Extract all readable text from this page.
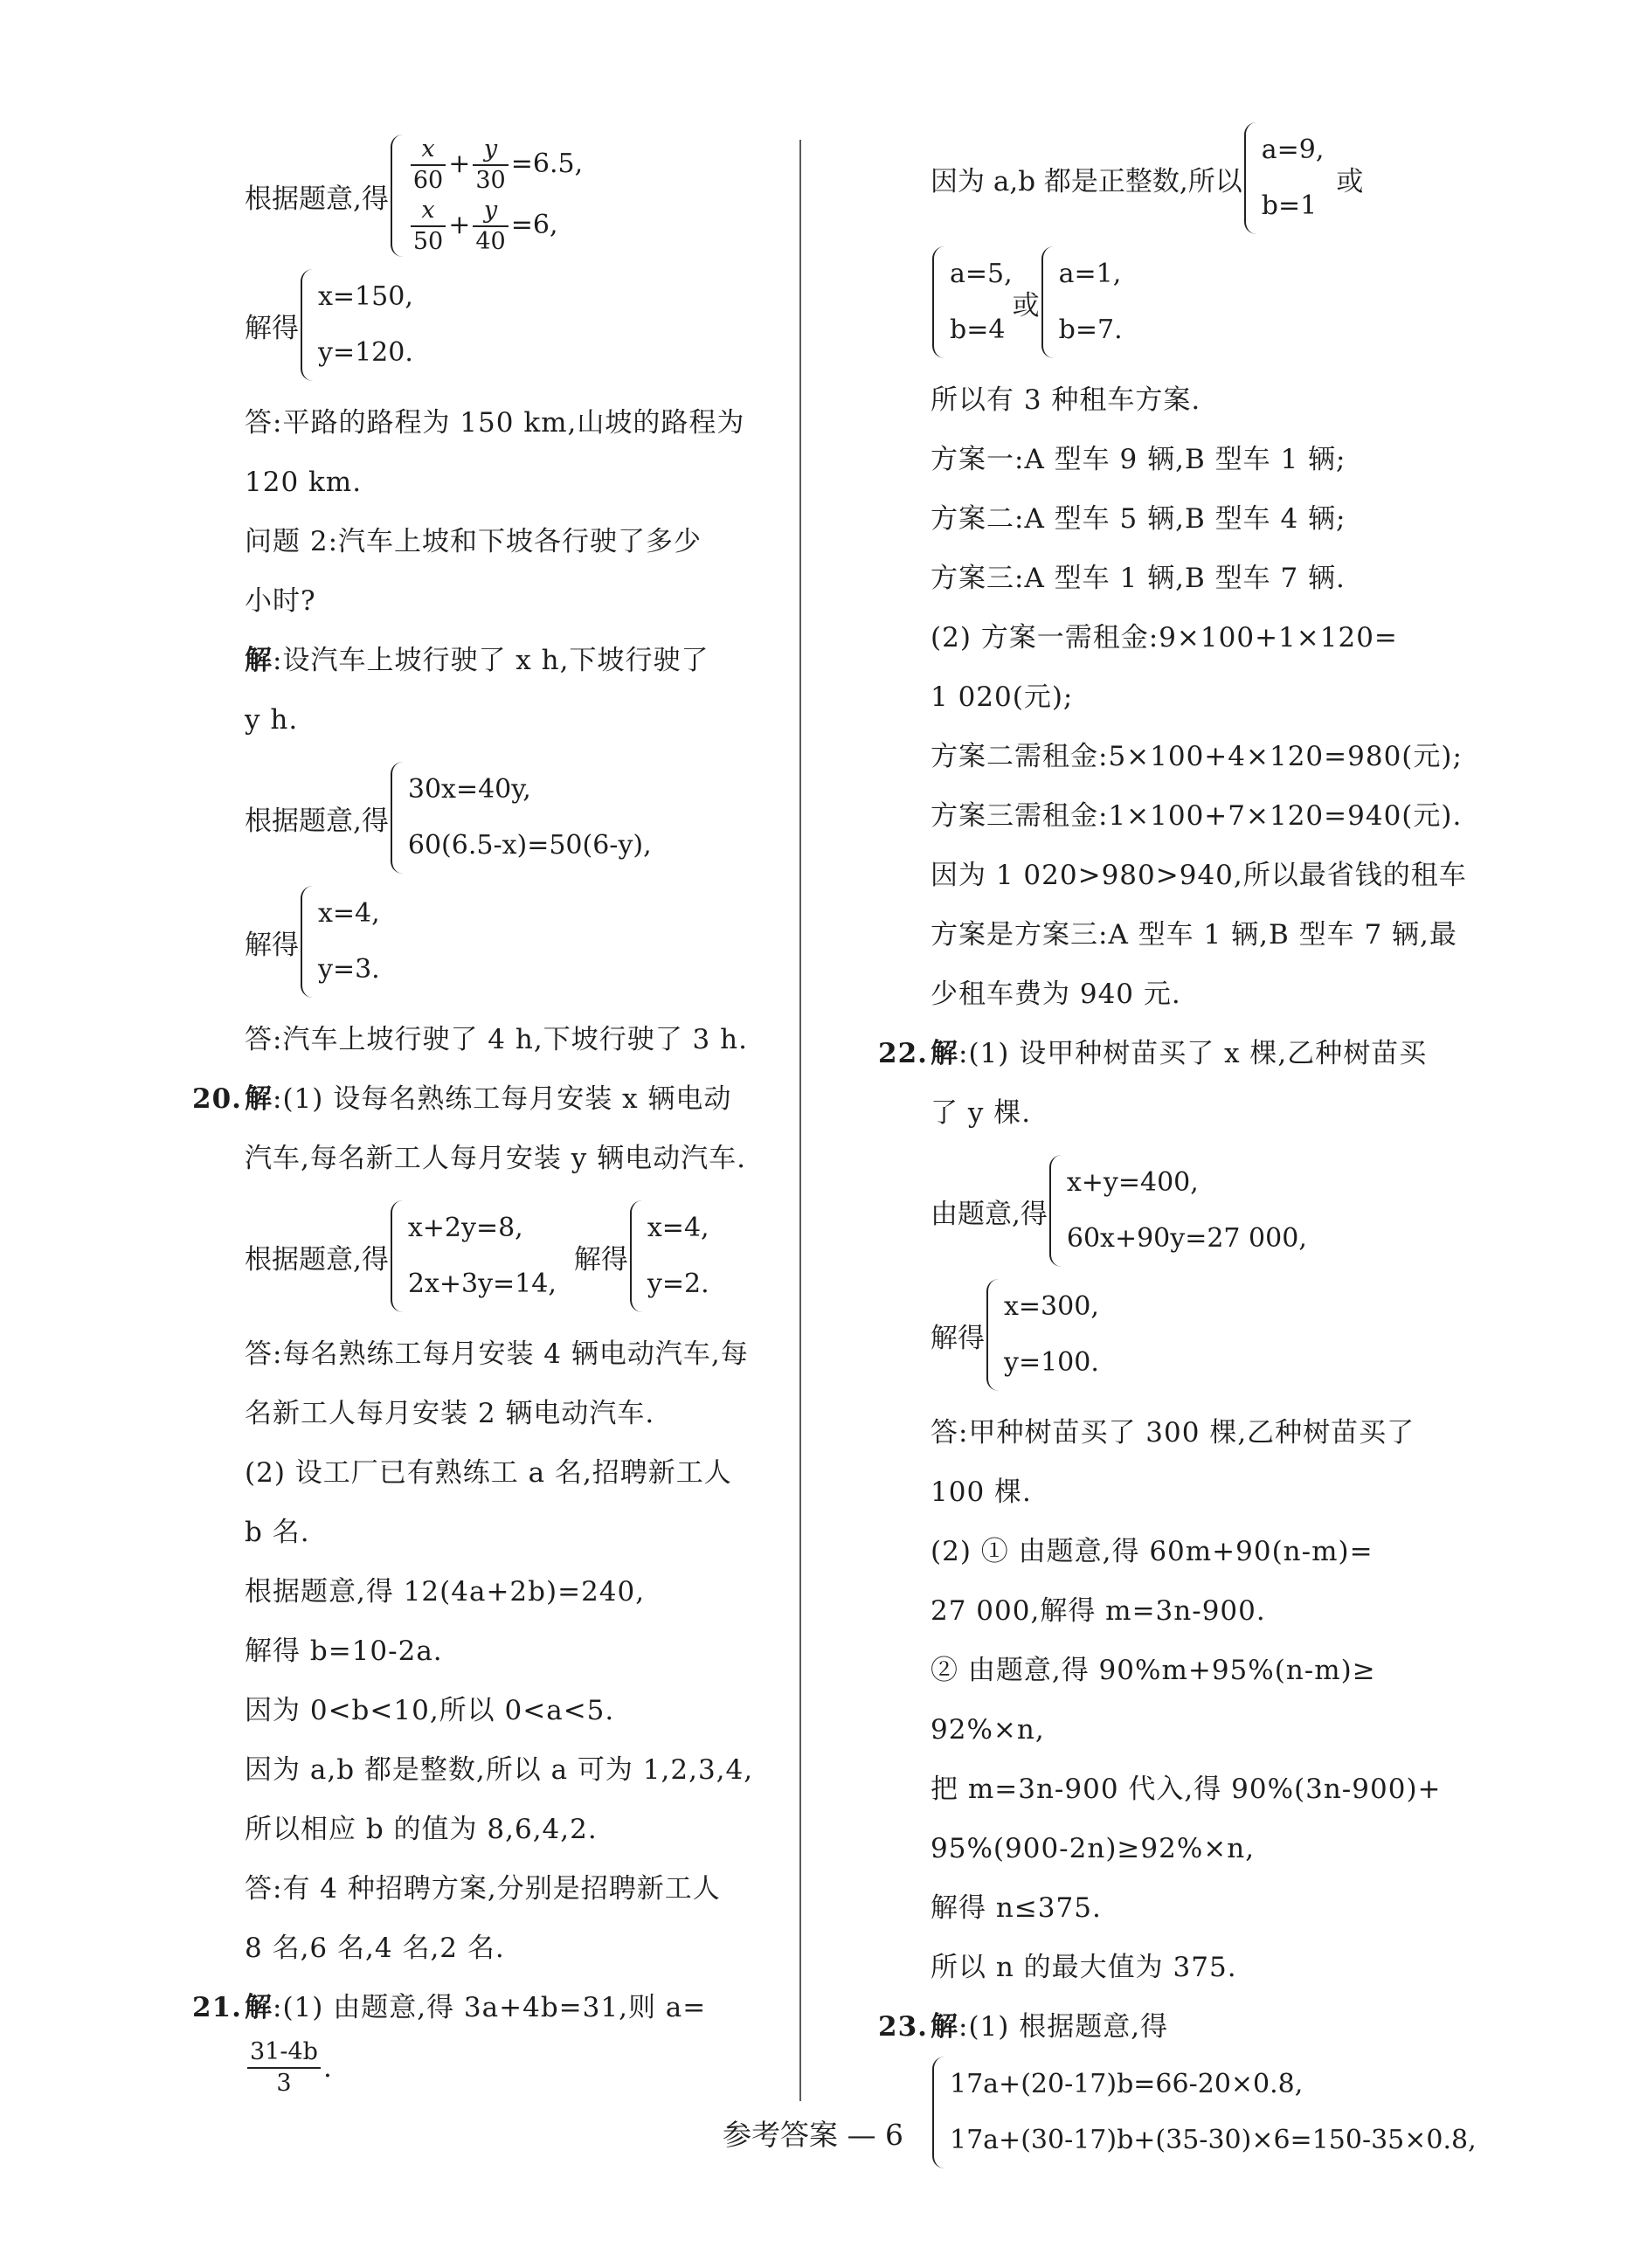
根据题意,得
$\frac{x}{60} + \frac{y}{30} =6.5$,
$\frac{x}{50} + \frac{y}{40} =6$,
解得
x=150,
y=120.
答:平路的路程为 150 km,山坡的路程为
120 km.
问题 2:汽车上坡和下坡各行驶了多少
小时?
解:设汽车上坡行驶了 x h,下坡行驶了
y h.
根据题意,得
30x=40y,
60(6.5-x)=50(6-y),
解得
x=4,
y=3.
答:汽车上坡行驶了 4 h,下坡行驶了 3 h.
20. 解:(1) 设每名熟练工每月安装 x 辆电动
汽车,每名新工人每月安装 y 辆电动汽车.
根据题意,得
x+2y=8,
2x+3y=14,
解得
x=4,
y=2.
答:每名熟练工每月安装 4 辆电动汽车,每
名新工人每月安装 2 辆电动汽车.
(2) 设工厂已有熟练工 a 名,招聘新工人
b 名.
根据题意,得 12(4a+2b)=240,
解得 b=10-2a.
因为 0<b<10,所以 0<a<5.
因为 a,b 都是整数,所以 a 可为 1,2,3,4,
所以相应 b 的值为 8,6,4,2.
答:有 4 种招聘方案,分别是招聘新工人
8 名,6 名,4 名,2 名.
21. 解:(1) 由题意,得 3a+4b=31,则 a=
$\frac{31-4b}{3}$ .
因为 a,b 都是正整数,所以
a=9,
b=1
或
a=5,
b=4
或
a=1,
b=7.
所以有 3 种租车方案.
方案一:A 型车 9 辆,B 型车 1 辆;
方案二:A 型车 5 辆,B 型车 4 辆;
方案三:A 型车 1 辆,B 型车 7 辆.
(2) 方案一需租金:9×100+1×120=
1 020(元);
方案二需租金:5×100+4×120=980(元);
方案三需租金:1×100+7×120=940(元).
因为 1 020>980>940,所以最省钱的租车
方案是方案三:A 型车 1 辆,B 型车 7 辆,最
少租车费为 940 元.
22. 解:(1) 设甲种树苗买了 x 棵,乙种树苗买
了 y 棵.
由题意,得
x+y=400,
60x+90y=27 000,
解得
x=300,
y=100.
答:甲种树苗买了 300 棵,乙种树苗买了
100 棵.
(2) ① 由题意,得 60m+90(n-m)=
27 000,解得 m=3n-900.
② 由题意,得 90%m+95%(n-m)≥
92%×n,
把 m=3n-900 代入,得 90%(3n-900)+
95%(900-2n)≥92%×n,
解得 n≤375.
所以 n 的最大值为 375.
23. 解:(1) 根据题意,得
17a+(20-17)b=66-20×0.8,
17a+(30-17)b+(35-30)×6=150-35×0.8,
参考答案 — 6
